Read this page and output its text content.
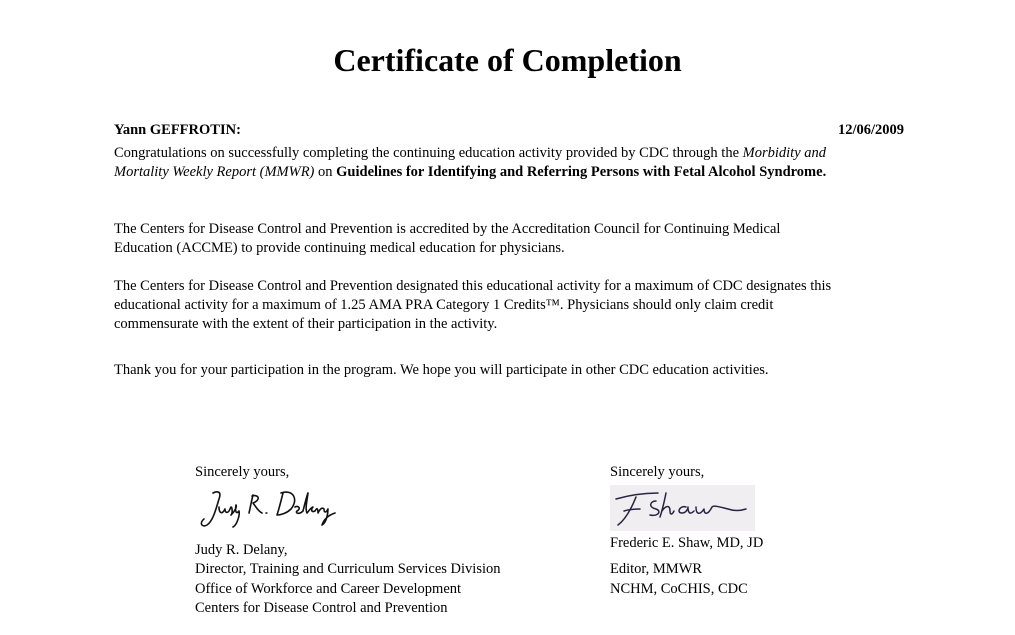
Certificate of Completion
Yann GEFFROTIN:	12/06/2009

Congratulations on successfully completing the continuing education activity provided by CDC through the Morbidity and Mortality Weekly Report (MMWR) on Guidelines for Identifying and Referring Persons with Fetal Alcohol Syndrome.

The Centers for Disease Control and Prevention is accredited by the Accreditation Council for Continuing Medical Education (ACCME) to provide continuing medical education for physicians.

The Centers for Disease Control and Prevention designated this educational activity for a maximum of CDC designates this educational activity for a maximum of 1.25 AMA PRA Category 1 Credits™. Physicians should only claim credit commensurate with the extent of their participation in the activity.

Thank you for your participation in the program. We hope you will participate in other CDC education activities.

Sincerely yours,
Judy R. Delany,
Director, Training and Curriculum Services Division
Office of Workforce and Career Development
Centers for Disease Control and Prevention
Sincerely yours,
Frederic E. Shaw, MD, JD
Editor, MMWR
NCHM, CoCHIS, CDC
